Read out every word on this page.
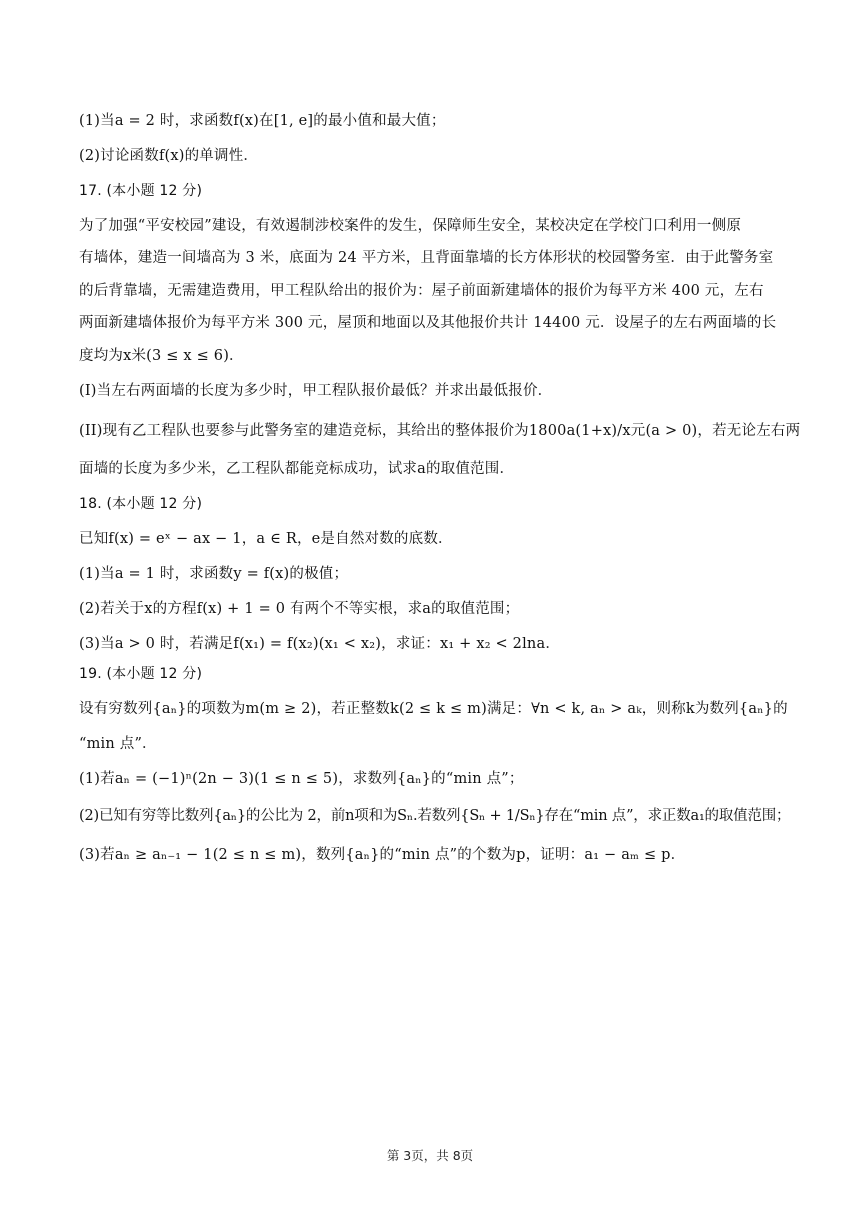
(1)当a = 2 时，求函数f(x)在[1, e]的最小值和最大值；
(2)讨论函数f(x)的单调性．
17. (本小题 12 分)
为了加强“平安校园”建设，有效遏制涉校案件的发生，保障师生安全，某校决定在学校门口利用一侧原
有墙体，建造一间墙高为 3 米，底面为 24 平方米，且背面靠墙的长方体形状的校园警务室．由于此警务室
的后背靠墙，无需建造费用，甲工程队给出的报价为：屋子前面新建墙体的报价为每平方米 400 元，左右
两面新建墙体报价为每平方米 300 元，屋顶和地面以及其他报价共计 14400 元．设屋子的左右两面墙的长
度均为x米(3 ≤ x ≤ 6)．
(I)当左右两面墙的长度为多少时，甲工程队报价最低？并求出最低报价．
(II)现有乙工程队也要参与此警务室的建造竞标，其给出的整体报价为1800a(1+x)/x元(a > 0)，若无论左右两
面墙的长度为多少米，乙工程队都能竞标成功，试求a的取值范围．
18. (本小题 12 分)
已知f(x) = eˣ − ax − 1，a ∈ R，e是自然对数的底数．
(1)当a = 1 时，求函数y = f(x)的极值；
(2)若关于x的方程f(x) + 1 = 0 有两个不等实根，求a的取值范围；
(3)当a > 0 时，若满足f(x₁) = f(x₂)(x₁ < x₂)，求证：x₁ + x₂ < 2lna．
19. (本小题 12 分)
设有穷数列{aₙ}的项数为m(m ≥ 2)，若正整数k(2 ≤ k ≤ m)满足：∀n < k, aₙ > aₖ，则称k为数列{aₙ}的
“min 点”．
(1)若aₙ = (−1)ⁿ(2n − 3)(1 ≤ n ≤ 5)，求数列{aₙ}的“min 点”；
(2)已知有穷等比数列{aₙ}的公比为 2，前n项和为Sₙ.若数列{Sₙ + 1/Sₙ}存在“min 点”，求正数a₁的取值范围；
(3)若aₙ ≥ aₙ₋₁ − 1(2 ≤ n ≤ m)，数列{aₙ}的“min 点”的个数为p，证明：a₁ − aₘ ≤ p．
第 3页，共 8页
